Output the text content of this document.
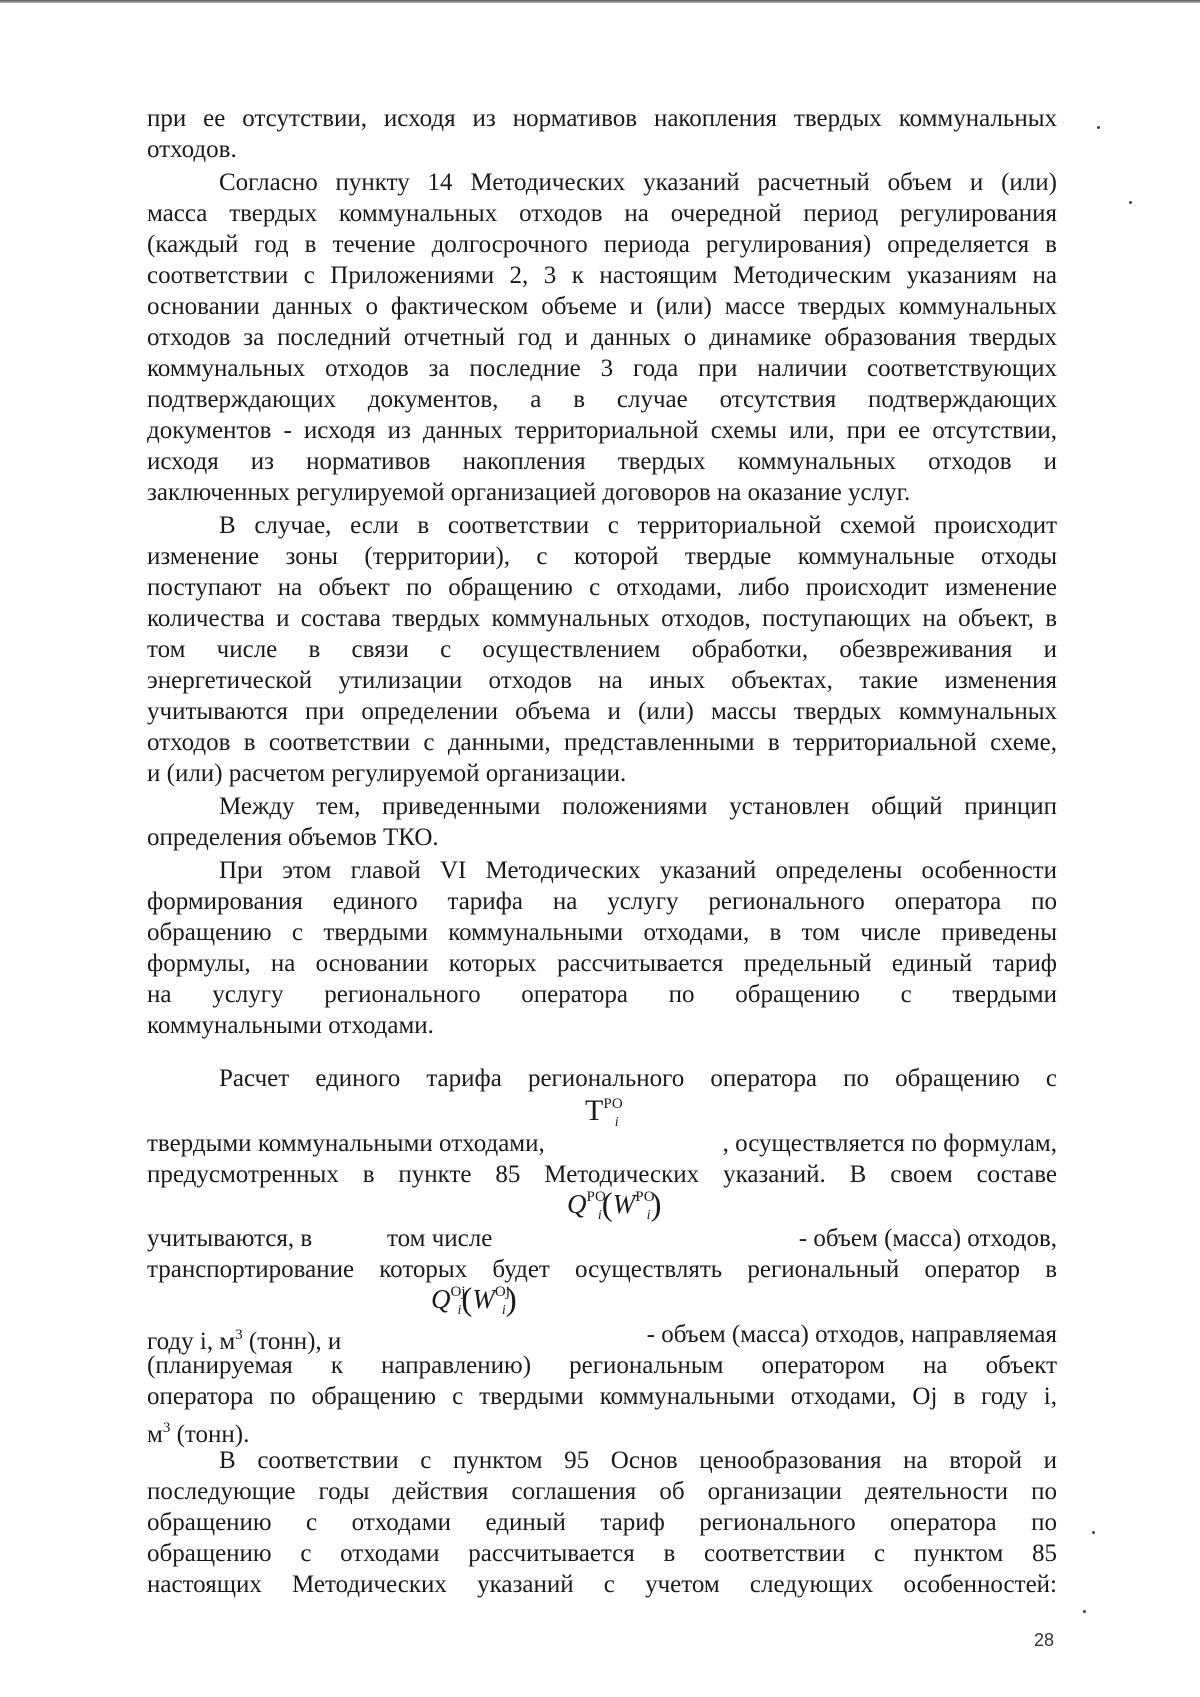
при ее отсутствии, исходя из нормативов накопления твердых коммунальных
отходов.
Согласно пункту 14 Методических указаний расчетный объем и (или)
масса твердых коммунальных отходов на очередной период регулирования
(каждый год в течение долгосрочного периода регулирования) определяется в
соответствии с Приложениями 2, 3 к настоящим Методическим указаниям на
основании данных о фактическом объеме и (или) массе твердых коммунальных
отходов за последний отчетный год и данных о динамике образования твердых
коммунальных отходов за последние 3 года при наличии соответствующих
подтверждающих документов, а в случае отсутствия подтверждающих
документов - исходя из данных территориальной схемы или, при ее отсутствии,
исходя из нормативов накопления твердых коммунальных отходов и
заключенных регулируемой организацией договоров на оказание услуг.
В случае, если в соответствии с территориальной схемой происходит
изменение зоны (территории), с которой твердые коммунальные отходы
поступают на объект по обращению с отходами, либо происходит изменение
количества и состава твердых коммунальных отходов, поступающих на объект, в
том числе в связи с осуществлением обработки, обезвреживания и
энергетической утилизации отходов на иных объектах, такие изменения
учитываются при определении объема и (или) массы твердых коммунальных
отходов в соответствии с данными, представленными в территориальной схеме,
и (или) расчетом регулируемой организации.
Между тем, приведенными положениями установлен общий принцип
определения объемов ТКО.
При этом главой VI Методических указаний определены особенности
формирования единого тарифа на услугу регионального оператора по
обращению с твердыми коммунальными отходами, в том числе приведены
формулы, на основании которых рассчитывается предельный единый тариф
на услугу регионального оператора по обращению с твердыми
коммунальными отходами.
Расчет единого тарифа регионального оператора по обращению с
$T^{РО}_i$
твердыми коммунальными отходами,	, осуществляется по формулам,
предусмотренных в пункте 85 Методических указаний. В своем составе
$Q^{РО}_i(W^{РО}_i)$
учитываются, в	том числе	- объем (масса) отходов,
транспортирование которых будет осуществлять региональный оператор в
$Q^{Oj}_i(W^{Oj}_i)$
году i, $м^3$ (тонн), и	- объем (масса) отходов, направляемая
(планируемая к направлению) региональным оператором на объект
оператора по обращению с твердыми коммунальными отходами, Oj в году i,
$м^3$ (тонн).
В соответствии с пунктом 95 Основ ценообразования на второй и
последующие годы действия соглашения об организации деятельности по
обращению с отходами единый тариф регионального оператора по
обращению с отходами рассчитывается в соответствии с пунктом 85
настоящих Методических указаний с учетом следующих особенностей:
28
